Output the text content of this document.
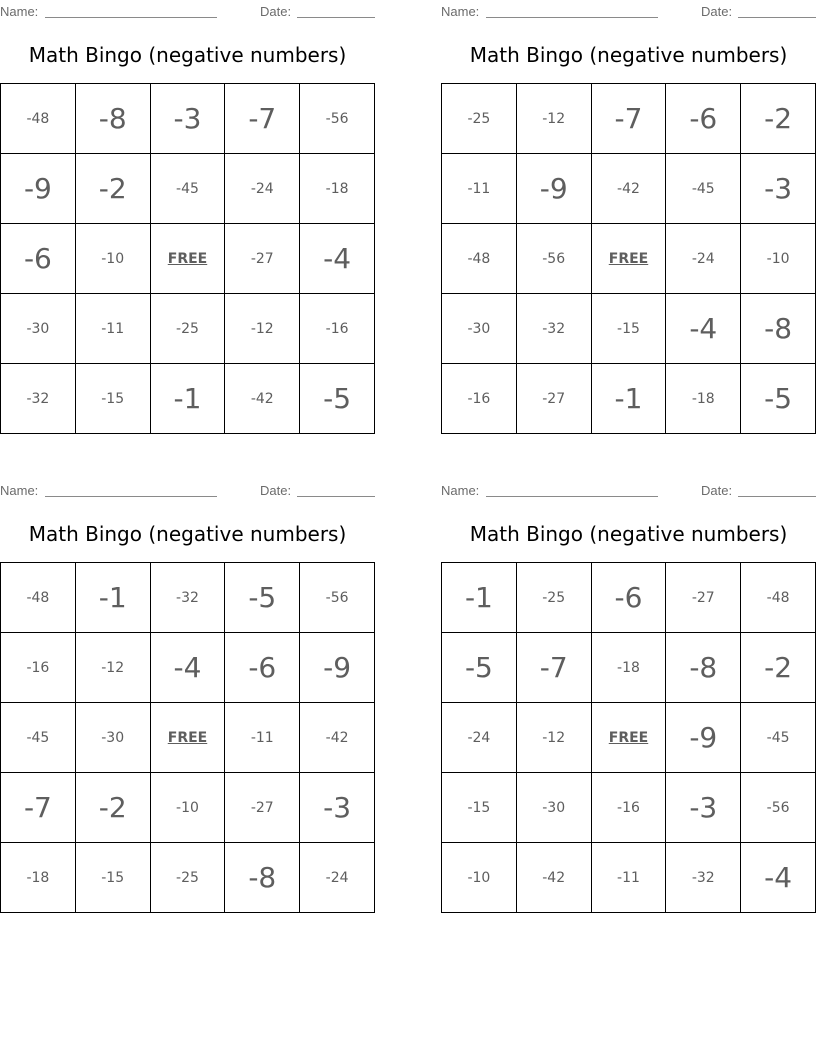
Name:	Date:
Math Bingo (negative numbers)
-48	-8	-3	-7	-56
-9	-2	-45	-24	-18
-6	-10	FREE	-27	-4
-30	-11	-25	-12	-16
-32	-15	-1	-42	-5
Name:	Date:
Math Bingo (negative numbers)
-25	-12	-7	-6	-2
-11	-9	-42	-45	-3
-48	-56	FREE	-24	-10
-30	-32	-15	-4	-8
-16	-27	-1	-18	-5
Name:	Date:
Math Bingo (negative numbers)
-48	-1	-32	-5	-56
-16	-12	-4	-6	-9
-45	-30	FREE	-11	-42
-7	-2	-10	-27	-3
-18	-15	-25	-8	-24
Name:	Date:
Math Bingo (negative numbers)
-1	-25	-6	-27	-48
-5	-7	-18	-8	-2
-24	-12	FREE	-9	-45
-15	-30	-16	-3	-56
-10	-42	-11	-32	-4
